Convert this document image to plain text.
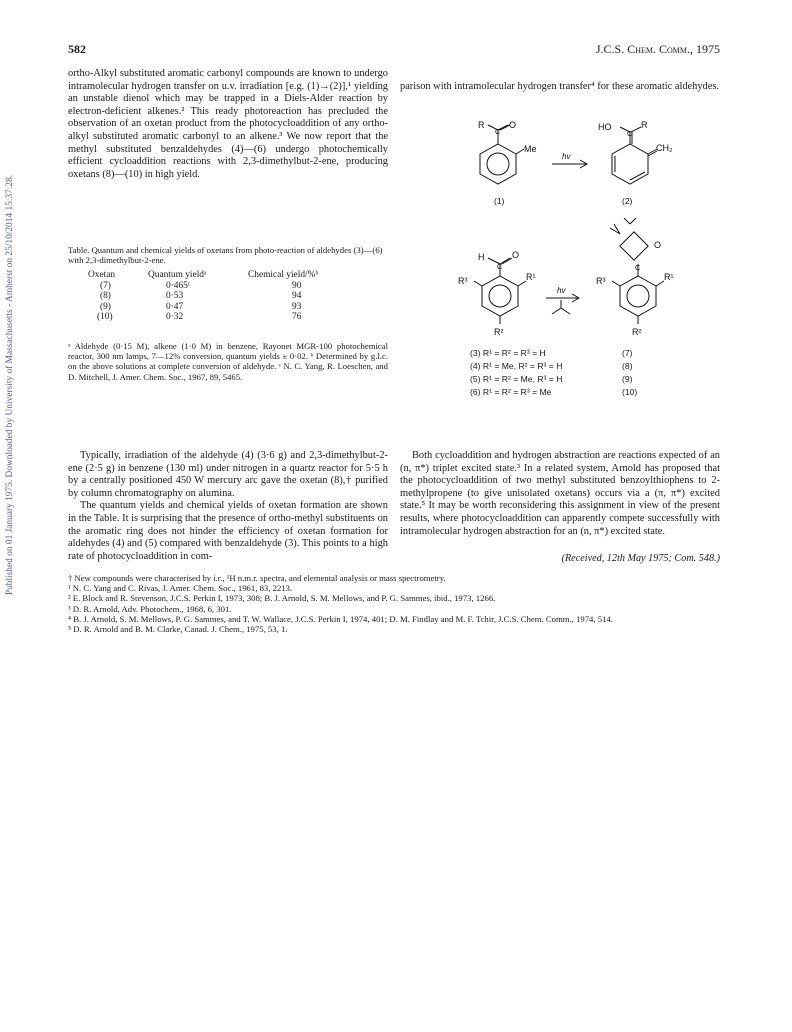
Published on 01 January 1975. Downloaded by University of Massachusetts - Amherst on 25/10/2014 15:37:28.
582	J.C.S. Chem. Comm., 1975

ortho-Alkyl substituted aromatic carbonyl compounds are known to undergo intramolecular hydrogen transfer on u.v. irradiation [e.g. (1)→(2)],¹ yielding an unstable dienol which may be trapped in a Diels-Alder reaction by electron-deficient alkenes.² This ready photoreaction has precluded the observation of an oxetan product from the photocycloaddition of any ortho-alkyl substituted aromatic carbonyl to an alkene.³ We now report that the methyl substituted benzaldehydes (4)—(6) undergo photochemically efficient cycloaddition reactions with 2,3-dimethylbut-2-ene, producing oxetans (8)—(10) in high yield.

Table. Quantum and chemical yields of oxetans from photo-reaction of aldehydes (3)—(6) with 2,3-dimethylbut-2-ene.
Oxetan	Quantum yieldᵃ	Chemical yield/%ᵇ
(7)	0·465ᶜ	90
(8)	0·53	94
(9)	0·47	93
(10)	0·32	76
ᵃ Aldehyde (0·15 M), alkene (1·0 M) in benzene, Rayonet MGR-100 photochemical reactor, 300 nm lamps, 7—12% conversion, quantum yields ± 0·02. ᵇ Determined by g.l.c. on the above solutions at complete conversion of aldehyde. ᶜ N. C. Yang, R. Loeschen, and D. Mitchell, J. Amer. Chem. Soc., 1967, 89, 5465.

Typically, irradiation of the aldehyde (4) (3·6 g) and 2,3-dimethylbut-2-ene (2·5 g) in benzene (130 ml) under nitrogen in a quartz reactor for 5·5 h by a centrally positioned 450 W mercury arc gave the oxetan (8),† purified by column chromatography on alumina.

The quantum yields and chemical yields of oxetan formation are shown in the Table. It is surprising that the presence of ortho-methyl substituents on the aromatic ring does not hinder the efficiency of oxetan formation for aldehydes (4) and (5) compared with benzaldehyde (3). This points to a high rate of photocycloaddition in com-

parison with intramolecular hydrogen transfer⁴ for these aromatic aldehydes.

R
C
O
Me
hv
HO
C
R
CH₂
(1)	(2)
H
C
O
R¹
R³
R²
hv
O
C
R¹
R³
R²
(3) R¹ = R² = R³ = H
(4) R¹ = Me, R² = R³ = H
(5) R¹ = R² = Me, R³ = H
(6) R¹ = R² = R³ = Me
(7)
(8)
(9)
(10)

Both cycloaddition and hydrogen abstraction are reactions expected of an (n, π*) triplet excited state.³ In a related system, Arnold has proposed that the photocycloaddition of two methyl substituted benzoylthiophens to 2-methylpropene (to give unisolated oxetans) occurs via a (π, π*) excited state.⁵ It may be worth reconsidering this assignment in view of the present results, where photocycloaddition can apparently compete successfully with intramolecular hydrogen abstraction for an (n, π*) excited state.

(Received, 12th May 1975; Com. 548.)
† New compounds were characterised by i.r., ¹H n.m.r. spectra, and elemental analysis or mass spectrometry.
¹ N. C. Yang and C. Rivas, J. Amer. Chem. Soc., 1961, 83, 2213.
² E. Block and R. Stevenson, J.C.S. Perkin I, 1973, 308; B. J. Arnold, S. M. Mellows, and P. G. Sammes, ibid., 1973, 1266.
³ D. R. Arnold, Adv. Photochem., 1968, 6, 301.
⁴ B. J. Arnold, S. M. Mellows, P. G. Sammes, and T. W. Wallace, J.C.S. Perkin I, 1974, 401; D. M. Findlay and M. F. Tchir, J.C.S. Chem. Comm., 1974, 514.
⁵ D. R. Arnold and B. M. Clarke, Canad. J. Chem., 1975, 53, 1.
